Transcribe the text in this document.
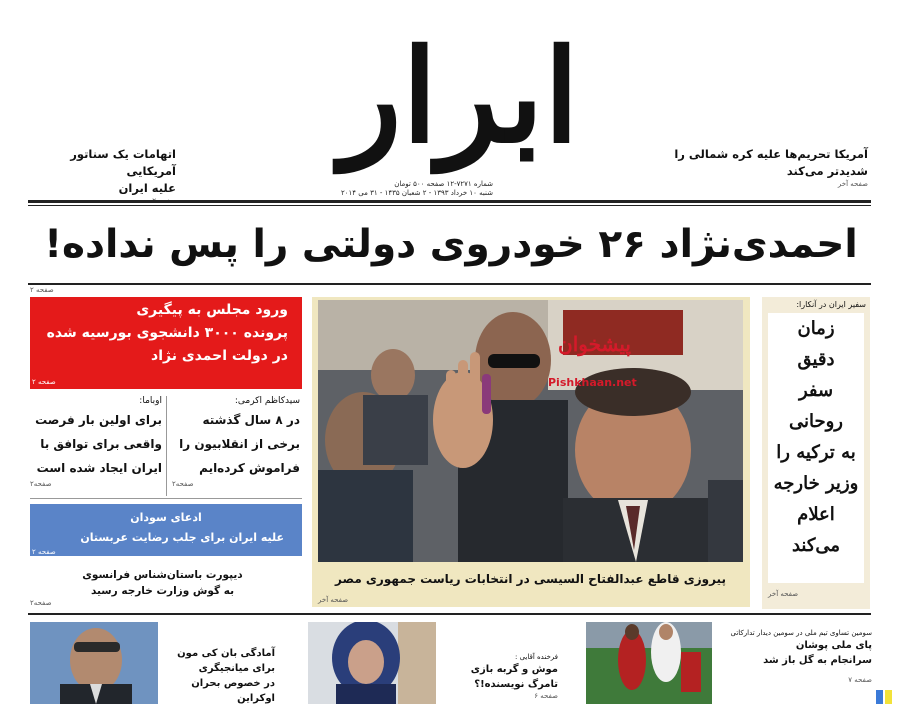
ابرار
شماره ۷۲۷۱-۱۲ صفحه ۵۰۰ تومان
شنبه ۱۰ خرداد ۱۳۹۳ - ۲ شعبان ۱۴۳۵ - ۳۱ می ۲۰۱۴
آمریکا تحریم‌ها علیه کره شمالی را
شدیدتر می‌کند
صفحه آخر
اتهامات یک سناتور آمریکایی
علیه ایران
احمدی‌نژاد ۲۶ خودروی دولتی را پس نداده!
صفحه ۲
ورود مجلس به پیگیری
پرونده ۳۰۰۰ دانشجوی بورسیه شده
در دولت احمدی نژاد
صفحه ۲
سیدکاظم اکرمی:
در ۸ سال گذشته
برخی از انقلابیون را
فراموش کرده‌ایم
صفحه۲
اوباما:
برای اولین بار فرصت
واقعی برای توافق با
ایران ایجاد شده است
صفحه۲
ادعای سودان
علیه ایران برای جلب رضایت عربستان
صفحه ۲
دیپورت باستان‌شناس فرانسوی
به گوش وزارت خارجه رسید
صفحه۲
پیشخوان
Pishkhaan.net
پیروزی قاطع عبدالفتاح السیسی در انتخابات ریاست جمهوری مصر
صفحه آخر
سفیر ایران در آنکارا:
زمان
دقیق
سفر
روحانی
به ترکیه را
وزیر خارجه
اعلام
می‌کند
صفحه آخر
آمادگی بان کی مون
برای میانجیگری
در خصوص بحران اوکراین
فرخنده آقایی :
موش و گربه بازی
تامرگ نویسنده!؟
صفحه ۶
سومین تساوی تیم ملی در سومین دیدار تدارکاتی
پای ملی پوشان
سرانجام به گل باز شد
صفحه ۷
